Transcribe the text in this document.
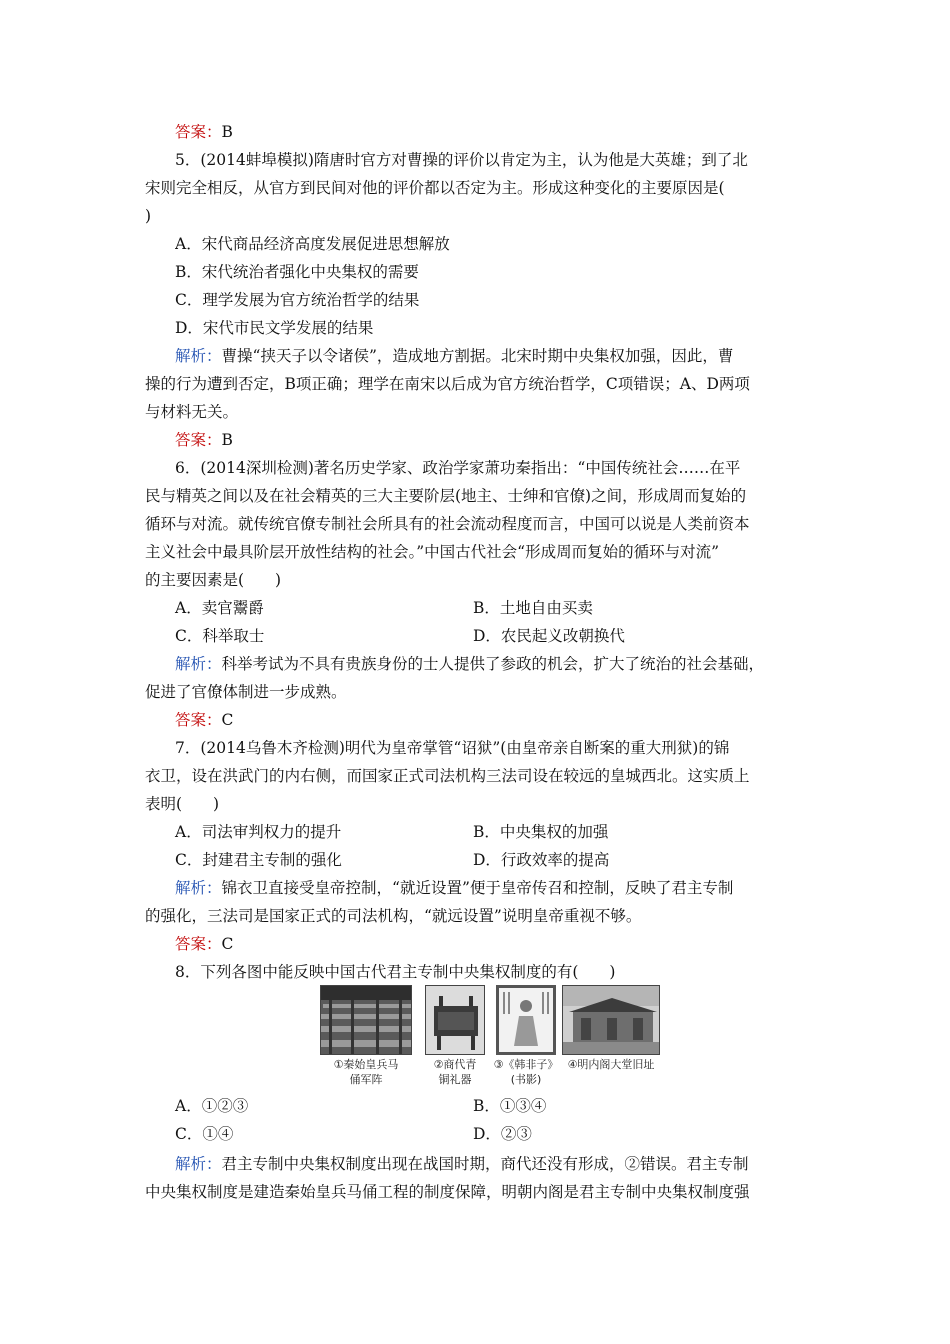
答案：B
5．(2014蚌埠模拟)隋唐时官方对曹操的评价以肯定为主，认为他是大英雄；到了北
宋则完全相反，从官方到民间对他的评价都以否定为主。形成这种变化的主要原因是(
)
A．宋代商品经济高度发展促进思想解放
B．宋代统治者强化中央集权的需要
C．理学发展为官方统治哲学的结果
D．宋代市民文学发展的结果
解析：曹操“挟天子以令诸侯”，造成地方割据。北宋时期中央集权加强，因此，曹
操的行为遭到否定，B项正确；理学在南宋以后成为官方统治哲学，C项错误；A、D两项
与材料无关。
答案：B
6．(2014深圳检测)著名历史学家、政治学家萧功秦指出：“中国传统社会……在平
民与精英之间以及在社会精英的三大主要阶层(地主、士绅和官僚)之间，形成周而复始的
循环与对流。就传统官僚专制社会所具有的社会流动程度而言，中国可以说是人类前资本
主义社会中最具阶层开放性结构的社会。”中国古代社会“形成周而复始的循环与对流”
的主要因素是(　　)
A．卖官鬻爵	B．土地自由买卖
C．科举取士	D．农民起义改朝换代
解析：科举考试为不具有贵族身份的士人提供了参政的机会，扩大了统治的社会基础，
促进了官僚体制进一步成熟。
答案：C
7．(2014乌鲁木齐检测)明代为皇帝掌管“诏狱”(由皇帝亲自断案的重大刑狱)的锦
衣卫，设在洪武门的内右侧，而国家正式司法机构三法司设在较远的皇城西北。这实质上
表明(　　)
A．司法审判权力的提升	B．中央集权的加强
C．封建君主专制的强化	D．行政效率的提高
解析：锦衣卫直接受皇帝控制，“就近设置”便于皇帝传召和控制，反映了君主专制
的强化，三法司是国家正式的司法机构，“就远设置”说明皇帝重视不够。
答案：C
8．下列各图中能反映中国古代君主专制中央集权制度的有(　　)
①秦始皇兵马
俑军阵
②商代青
铜礼器
③《韩非子》
(书影)
④明内阁大堂旧址
A．①②③	B．①③④
C．①④	D．②③
解析：君主专制中央集权制度出现在战国时期，商代还没有形成，②错误。君主专制
中央集权制度是建造秦始皇兵马俑工程的制度保障，明朝内阁是君主专制中央集权制度强
